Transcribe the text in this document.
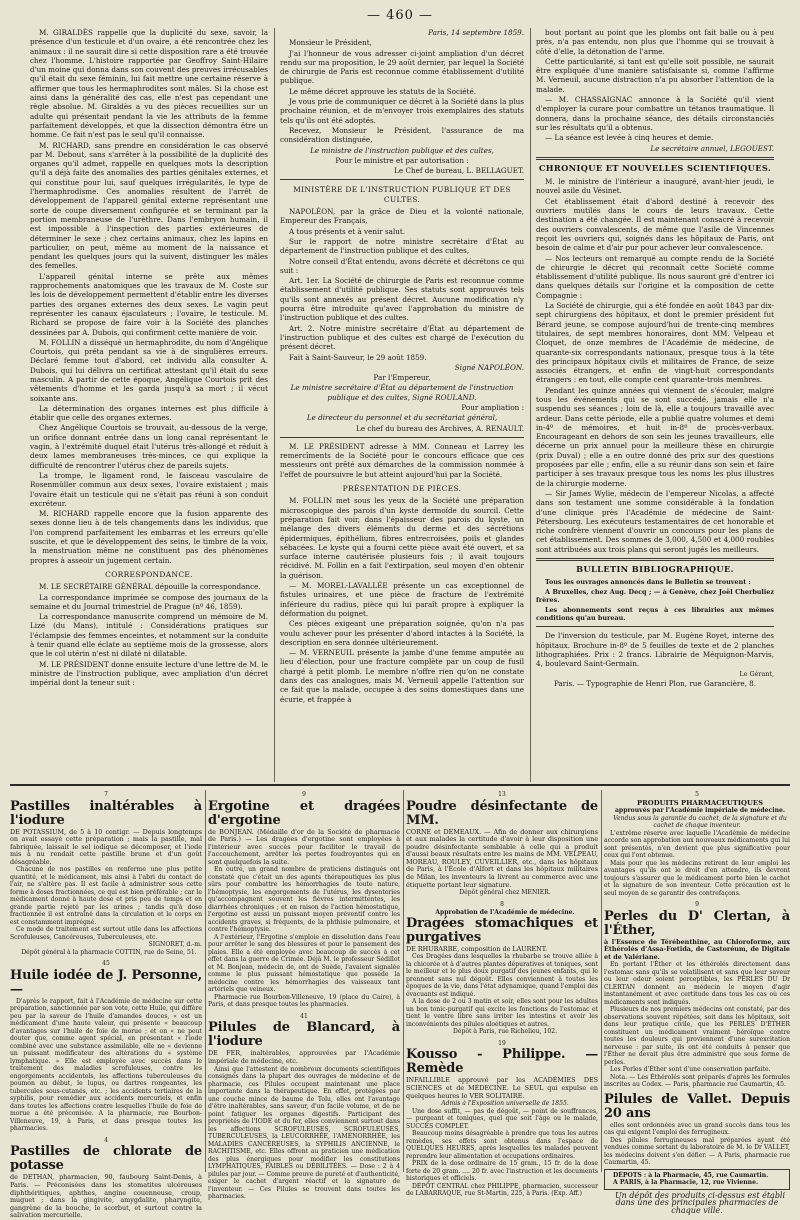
— 460 —

M. GIRALDÈS rappelle que la duplicité du sexe, savoir, la présence d'un testicule et d'un ovaire, a été rencontrée chez les animaux : il ne saurait dire si cette disposition rare a été trouvée chez l'homme. L'histoire rapportée par Geoffroy Saint-Hilaire d'un moine qui donna dans son couvent des preuves irrécusables qu'il était du sexe féminin, lui fait mettre une certaine réserve à affirmer que tous les hermaphrodites sont mâles. Si la chose est ainsi dans la généralité des cas, elle n'est pas cependant une règle absolue. M. Giraldès a vu des pièces recueillies sur un adulte qui présentait pendant la vie les attributs de la femme parfaitement développés, et que la dissection démontra être un homme. Ce fait n'est pas le seul qu'il connaisse.

M. RICHARD, sans prendre en considération le cas observé par M. Debout, sans s'arrêter à la possibilité de la duplicité des organes qu'il admet, rappelle en quelques mots la description qu'il a déjà faite des anomalies des parties génitales externes, et qui constitue pour lui, sauf quelques irrégularités, le type de l'hermaphrodisme. Ces anomalies résultent de l'arrêt de développement de l'appareil génital externe représentant une sorte de coupe diversement configurée et se terminant par la portion membraneuse de l'urèthre. Dans l'embryon humain, il est impossible à l'inspection des parties extérieures de déterminer le sexe ; chez certains animaux, chez les lapins en particulier, on peut, même au moment de la naissance et pendant les quelques jours qui la suivent, distinguer les mâles des femelles.

L'appareil génital interne se prête aux mêmes rapprochements anatomiques que les travaux de M. Coste sur les lois de développement permettent d'établir entre les diverses parties des organes externes des deux sexes. Le vagin peut représenter les canaux éjaculateurs ; l'ovaire, le testicule. M. Richard se propose de faire voir à la Société des planches dessinées par A. Dubois, qui confirment cette manière de voir.

M. FOLLIN a disséqué un hermaphrodite, du nom d'Angélique Courtois, qui préta pendant sa vie à de singulières erreurs. Déclaré femme tout d'abord, cet individu alla consulter A. Dubois, qui lui délivra un certificat attestant qu'il était du sexe masculin. A partir de cette époque, Angélique Courtois prit des vêtements d'homme et les garda jusqu'à sa mort ; il vécut soixante ans.

La détermination des organes internes est plus difficile à établir que celle des organes externes.

Chez Angélique Courtois se trouvait, au-dessous de la verge, un orifice donnant entrée dans un long canal représentant le vagin, à l'extrémité duquel était l'utérus très-allongé et réduit à deux lames membraneuses très-minces, ce qui explique la difficulté de rencontrer l'utérus chez de pareils sujets.

La trompe, le ligament rond, le faisceau vasculaire de Rosenmüller commun aux deux sexes, l'ovaire existaient ; mais l'ovaire était un testicule qui ne s'était pas réuni à son conduit excréteur.

M. RICHARD rappelle encore que la fusion apparente des sexes donne lieu à de tels changements dans les individus, que l'on comprend parfaitement les embarras et les erreurs qu'elle suscite, et que le développement des seins, le timbre de la voix, la menstruation même ne constituent pas des phénomènes propres à asseoir un jugement certain.

CORRESPONDANCE.

M. LE SECRÉTAIRE GÉNÉRAL dépouille la correspondance.

La correspondance imprimée se compose des journaux de la semaine et du Journal trimestriel de Prague (nº 46, 1859).

La correspondance manuscrite comprend un mémoire de M. Lizé (du Mans), intitulé : Considérations pratiques sur l'éclampsie des femmes enceintes, et notamment sur la conduite à tenir quand elle éclate au septième mois de la grossesse, alors que le col utérin n'est ni dilaté ni dilatable.

M. LE PRÉSIDENT donne ensuite lecture d'une lettre de M. le ministre de l'instruction publique, avec ampliation d'un décret impérial dont la teneur suit :

Paris, 14 septembre 1859.

Monsieur le Président,

J'ai l'honneur de vous adresser ci-joint ampliation d'un décret rendu sur ma proposition, le 29 août dernier, par lequel la Société de chirurgie de Paris est reconnue comme établissement d'utilité publique.

Le même décret approuve les statuts de la Société.

Je vous prie de communiquer ce décret à la Société dans la plus prochaine réunion, et de m'envoyer trois exemplaires des statuts tels qu'ils ont été adoptés.

Recevez, Monsieur le Président, l'assurance de ma considération distinguée,

Le ministre de l'instruction publique et des cultes,

Pour le ministre et par autorisation :

Le Chef de bureau, L. BELLAGUET.

MINISTÈRE DE L'INSTRUCTION PUBLIQUE ET DES CULTES.

NAPOLÉON, par la grâce de Dieu et la volonté nationale, Empereur des Français,

A tous présents et à venir salut.

Sur le rapport de notre ministre secrétaire d'État au département de l'instruction publique et des cultes,

Notre conseil d'État entendu, avons décrété et décrétons ce qui suit :

Art. 1er. La Société de chirurgie de Paris est reconnue comme établissement d'utilité publique. Ses statuts sont approuvés tels qu'ils sont annexés au présent décret. Aucune modification n'y pourra être introduite qu'avec l'approbation du ministre de l'instruction publique et des cultes.

Art. 2. Notre ministre secrétaire d'État au département de l'instruction publique et des cultes est chargé de l'exécution du présent décret.

Fait à Saint-Sauveur, le 29 août 1859.

Signé NAPOLÉON.

Par l'Empereur,

Le ministre secrétaire d'État au département de l'instruction publique et des cultes, Signé ROULAND.

Pour ampliation :

Le directeur du personnel et du secrétariat général,

Le chef du bureau des Archives, A. RENAULT.

M. LE PRÉSIDENT adresse à MM. Conneau et Larrey les remercîments de la Société pour le concours efficace que ces messieurs ont prêté aux démarches de la commission nommée à l'effet de poursuivre le but atteint aujourd'hui par la Société.

PRÉSENTATION DE PIÈCES.

M. FOLLIN met sous les yeux de la Société une préparation microscopique des parois d'un kyste dermoïde du sourcil. Cette préparation fait voir, dans l'épaisseur des parois du kyste, un mélange des divers éléments du derme et des sécrétions épidermiques, épithélium, fibres entrecroisées, poils et glandes sébacées. Le kyste qui a fourni cette pièce avait été ouvert, et sa surface interne cautérisée plusieurs fois ; il avait toujours récidivé. M. Follin en a fait l'extirpation, seul moyen d'en obtenir la guérison.

— M. MOREL-LAVALLÉE présente un cas exceptionnel de fistules urinaires, et une pièce de fracture de l'extrémité inférieure du radius, pièce qui lui paraît propre à expliquer la déformation du poignet.

Ces pièces exigeant une préparation soignée, qu'on n'a pas voulu achever pour les présenter d'abord intactes à la Société, la description en sera donnée ultérieurement.

— M. VERNEUIL présente la jambe d'une femme amputée au lieu d'élection, pour une fracture complète par un coup de fusil chargé à petit plomb. Le membre n'offre rien qu'on ne constate dans des cas analogues, mais M. Verneuil appelle l'attention sur ce fait que la malade, occupée à des soins domestiques dans une écurie, et frappée à

bout portant au point que les plombs ont fait balle ou à peu près, n'a pas entendu, non plus que l'homme qui se trouvait à côté d'elle, la détonation de l'arme.

Cette particularité, si tant est qu'elle soit possible, ne saurait être expliquée d'une manière satisfaisante si, comme l'affirme M. Verneuil, aucune distraction n'a pu absorber l'attention de la malade.

— M. CHASSAIGNAC annonce à la Société qu'il vient d'employer la curare pour combattre un tétanos traumatique. Il donnera, dans la prochaine séance, des détails circonstanciés sur les résultats qu'il a obtenus.

— La séance est levée à cinq heures et demie.

Le secrétaire annuel, LEGOUEST.

CHRONIQUE ET NOUVELLES SCIENTIFIQUES.

M. le ministre de l'intérieur a inauguré, avant-hier jeudi, le nouvel asile du Vésinet.

Cet établissement était d'abord destiné à recevoir des ouvriers mutilés dans le cours de leurs travaux. Cette destination a été changée. Il est maintenant consacré à recevoir des ouvriers convalescents, de même que l'asile de Vincennes reçoit les ouvriers qui, soignés dans les hôpitaux de Paris, ont besoin de calme et d'air pur pour achever leur convalescence.

— Nos lecteurs ont remarqué au compte rendu de la Société de chirurgie le décret qui reconnaît cette Société comme établissement d'utilité publique. Ils nous sauront gré d'entrer ici dans quelques détails sur l'origine et la composition de cette Compagnie :

La Société de chirurgie, qui a été fondée en août 1843 par dix-sept chirurgiens des hôpitaux, et dont le premier président fut Bérard jeune, se compose aujourd'hui de trente-cinq membres titulaires, de sept membres honoraires, dont MM. Velpeau et Cloquet, de onze membres de l'Académie de médecine, de quarante-six correspondants nationaux, presque tous à la tête des principaux hôpitaux civils et militaires de France, de seize associés étrangers, et enfin de vingt-huit correspondants étrangers : en tout, elle compte cent quarante-trois membres.

Pendant les quinze années qui viennent de s'écouler, malgré tous les événements qui se sont succédé, jamais elle n'a suspendu ses séances ; loin de là, elle a toujours travaillé avec ardeur. Dans cette période, elle a publié quatre volumes et demi in-4º de mémoires, et huit in-8º de procès-verbaux. Encourageant en dehors de son sein les jeunes travailleurs, elle décerne un prix annuel pour la meilleure thèse en chirurgie (prix Duval) ; elle a en outre donné des prix sur des questions proposées par elle ; enfin, elle a su réunir dans son sein et faire participer à ses travaux presque tous les noms les plus illustres de la chirurgie moderne.

— Sir James Wylie, médecin de l'empereur Nicolas, a affecté dans son testament une somme considérable à la fondation d'une clinique près l'Académie de médecine de Saint-Pétersbourg. Les exécuteurs testamentaires de cet honorable et riche confrère viennent d'ouvrir un concours pour les plans de cet établissement. Des sommes de 3,000, 4,500 et 4,000 roubles sont attribuées aux trois plans qui seront jugés les meilleurs.

BULLETIN BIBLIOGRAPHIQUE.

Tous les ouvrages annoncés dans le Bulletin se trouvent :

A Bruxelles, chez Aug. Decq ; — à Genève, chez Joël Cherbuliez frères.

Les abonnements sont reçus à ces librairies aux mêmes conditions qu'au bureau.

De l'inversion du testicule, par M. Eugène Royet, interne des hôpitaux. Brochure in-8º de 5 feuilles de texte et de 2 planches lithographiées. Prix : 2 francs. Librairie de Méquignon-Marvis, 4, boulevard Saint-Germain.

Le Gérant,

Paris. — Typographie de Henri Plon, rue Garancière, 8.

7
Pastilles inaltérables à l'iodure
DE POTASSIUM, de 5 à 10 centigr. — Depuis longtemps on avait essayé cette préparation ; mais la pastille, mal fabriquée, laissait le sel iodique se décomposer, et l'iode mis à nu rendait cette pastille brune et d'un goût désagréable.

Chacune de nos pastilles en renferme une plus petite quantité, et le médicament, mis ainsi à l'abri du contact de l'air, ne s'altère pas. Il est facile à administrer sous cette forme à doses fractionnées, ce qui est bien préférable ; car le médicament donné à haute dose et pris peu de temps et en grande partie rejeté par les urines ; tandis qu'à dose fractionnée il est entraîné dans la circulation et le corps en est constamment imprégné.

Ce mode de traitement est surtout utile dans les affections Scrofuleuses, Cancéreuses, Tuberculeuses, etc.

SIGNORET, d.-m.

Dépôt général à la pharmacie COTTIN, rue de Seine, 51.

45
Huile iodée de J. Personne, —

D'après le rapport, fait à l'Académie de médecine sur cette préparation, sanctionnée par son vote, cette Huile, qui diffère peu par la saveur de l'huile d'amandes douces, « est un médicament d'une haute valeur, qui présente « beaucoup d'avantages sur l'huile de foie de morue ; et on « ne peut douter que, comme agent spécial, en présentant « l'iode combiné avec une substance assimilable, elle ne « devienne un puissant modificateur des altérations du « système lymphatique. » Elle est employée avec succès dans le traitement des maladies scrofuleuses, contre les engorgements accidentels, les affections tuberculeuses du poumon au début, le lupus, ou dartres rongeantes, les tubercules sous-cutanés, etc. ; les accidents tertiaires de la syphilis, pour remédier aux accidents mercuriels, et enfin dans toutes les affections contre lesquelles l'huile de foie de morue a été préconisée. A la pharmacie, rue Bourbon-Villeneuve, 19, à Paris, et dans presque toutes les pharmacies.

4
Pastilles de chlorate de potasse
de DETHAN, pharmacien, 90, faubourg Saint-Denis, à Paris. — Préconisées dans les stomatites ulcéreuses diphthéritiques, aphthes, angine couenneuse, croup, muguet ; dans la gingivite, amygdalite, pharyngite, gangrène de la bouche, le scorbut, et surtout contre la salivation mercurielle.
9
Ergotine et dragées d'ergotine
de BONJEAN. (Médaille d'or de la Société de pharmacie de Paris.) — Les dragées d'ergotine sont employées à l'intérieur avec succès pour faciliter le travail de l'accouchement, arrêter les pertes foudroyantes qui en sont quelquefois la suite.

En outre, un grand nombre de praticiens distingués ont constaté que c'était un des agents thérapeutiques les plus sûrs pour combattre les hémorrhagies de toute nature, l'hémoptysie, les engorgements de l'utérus, les dysenteries qu'accompagnent souvent les fièvres intermittentes, les diarrhées chroniques ; et en raison de l'action hémostatique, l'ergotine est aussi un puissant moyen préventif contre les accidents graves, si fréquents, de la phthisie pulmonaire, et contre l'hémoptysie.

A l'extérieur, l'Ergotine s'emploie en dissolution dans l'eau pour arrêter le sang des blessures et pour le pansement des plaies. Elle a été employée avec beaucoup de succès à cet effet dans la guerre de Crimée. Déjà M. le professeur Sédillot et M. Bonjean, médecin de, ont de Suède, l'avaient signalée comme le plus puissant hémostatique que possède la médecine contre les hémorrhagies des vaisseaux tant artériels que veineux.

Pharmacie rue Bourbon-Villeneuve, 19 (place du Caire), à Paris, et dans presque toutes les pharmacies.

41
Pilules de Blancard, à l'iodure
DE FER, inaltérables, approuvées par l'Académie impériale de médecine, etc.

Ainsi que l'attestent de nombreux documents scientifiques consignés dans la plupart des ouvrages de médecine et de pharmacie, ces Pilules occupent maintenant une place importante dans la thérapeutique. En effet, protégées par une couche mince de baume de Tolu, elles ont l'avantage d'être inaltérables, sans saveur, d'un facile volume, et de ne point fatiguer les organes digestifs. Participant des propriétés de l'IODE et du fer, elles conviennent surtout dans les affections SCROFULEUSES, SCROFULEUSES, TUBERCULEUSES, la LEUCORRHÉE, l'AMÉNORRHÉE, les MALADIES CANCÉREUSES, la SYPHILIS ANCIENNE, le RACHITISME, etc. Elles offrent au praticien une médication des plus énergiques pour modifier les constitutions LYMPHATIQUES, FAIBLES ou DÉBILITÉES. — Dose : 2 à 4 pilules par jour. — Comme preuve de pureté et d'authenticité, exiger le cachet d'argent réactif et la signature de l'inventeur. — Ces Pilules se trouvent dans toutes les pharmacies.

13
Poudre désinfectante de MM.
CORNE et DEMEAUX. — Afin de donner aux chirurgiens et aux malades la certitude d'avoir à leur disposition une poudre désinfectante semblable à celle qui a produit d'aussi beaux résultats entre les mains de MM. VELPEAU, MOREAU, ROULEY, CUVEILLIER, etc., dans les hôpitaux de Paris, à l'École d'Alfort et dans les hôpitaux militaires de Milan, les inventeurs la livrent au commerce avec une étiquette portant leur signature.

Dépôt général chez MENIER.

8

Approbation de l'Académie de médecine.

Dragées stomachiques et purgatives
DE RHUBARBE, composition de LAURENT.

Ces Dragées dans lesquelles la rhubarbe se trouve alliée à la chicorée et à d'autres plantes dépuratives et toniques, sont le meilleur et le plus doux purgatif des jeunes enfants, qui le prennent sans nul dégoût. Elles conviennent à toutes les époques de la vie, dans l'état adynamique, quand l'emploi des évacuants est indiqué.

A la dose de 2 ou 3 matin et soir, elles sont pour les adultes un bon tonic-purgatif qui excite les fonctions de l'estomac et tient le ventre libre sans irriter les intestins et avoir les inconvénients des pilules aloétiques et autres.

Dépôt à Paris, rue Richelieu, 102.

19
Kousso - Philippe. — Remède
INFAILLIBLE approuvé par les ACADÉMIES DES SCIENCES et de MÉDECINE. Le SEUL qui expulse en quelques heures le VER SOLITAIRE.

Admis à l'Exposition universelle de 1855.

Une dose suffit, — pas de dégoût, — point de souffrances, — purgeant et toniques, quel que soit l'âge ou le malade, SUCCÈS COMPLET.

Beaucoup moins désagréable à prendre que tous les autres remèdes, ses effets sont obtenus dans l'espace de QUELQUES HEURES, après lesquelles les malades peuvent reprendre leur alimentation et occupations ordinaires.

PRIX de la dose ordinaire de 15 gram., 15 fr. de la dose forte de 20 gram. .... 20 fr. avec l'instruction et les documents historiques et officiels.

DÉPÔT CENTRAL chez PHILIPPE, pharmacien, successeur de LABARRAQUE, rue St-Martin, 225, à Paris. (Exp. Aff.)

5

PRODUITS PHARMACEUTIQUES

approuvés par l'Académie impériale de médecine.

Vendus sous la garantie du cachet, de la signature et du cachet de chaque inventeur.

L'extrême réserve avec laquelle l'Académie de médecine accorde son approbation aux nouveaux médicaments qui lui sont présentés, n'en devient que plus significative pour ceux qui l'ont obtenue.

Mais pour que les médecins retirent de leur emploi les avantages qu'ils ont le droit d'en attendre, ils devront toujours s'assurer que le médicament porte bien le cachet et la signature de son inventeur. Cette précaution est le seul moyen de se garantir des contrefaçons.

9
Perles du D' Clertan, à l'Éther,
à l'Essence de Térébenthine, au Chloroforme, aux Éthérolés d'Assa-Fœtida, de Castoréum, de Digitale et de Valériane.

En portant l'Éther et les éthérolés directement dans l'estomac sans qu'ils se volatilisent et sans que leur saveur ou leur odeur soient perceptibles, les PERLES DU Dr CLERTAN donnent au médecin le moyen d'agir instantanément et avec certitude dans tous les cas où ces médicaments sont indiqués.

Plusieurs de nos premiers médecins ont constaté, par des observations souvent répétées, soit dans les hôpitaux, soit dans leur pratique civile, que les PERLES D'ÉTHER constituent un médicament vraiment héroïque contre toutes les douleurs qui proviennent d'une surexcitation nerveuse : par suite, ils ont été conduits à penser que l'Éther ne devait plus être administré que sous forme de perles.

Les Perles d'Éther sont d'une conservation parfaite.

Nota. — Les Éthérolés sont préparés d'après les formules inscrites au Codex. — Paris, pharmacie rue Caumartin, 45.

Pilules de Vallet. Depuis 20 ans

elles sont ordonnées avec un grand succès dans tous les cas qui exigent l'emploi des ferrugineux.

Des pilules ferrugineuses mal préparées ayant été vendues comme sortant du laboratoire de M. le Dr VALLET, les médecins doivent s'en défier. — A Paris, pharmacie rue Caumartin, 45.

DÉPOTS : à la Pharmacie, 45, rue Caumartin.

A PARIS, à la Pharmacie, 12, rue Vivienne.

Un dépôt des produits ci-dessus est établi dans une des principales pharmacies de chaque ville.
